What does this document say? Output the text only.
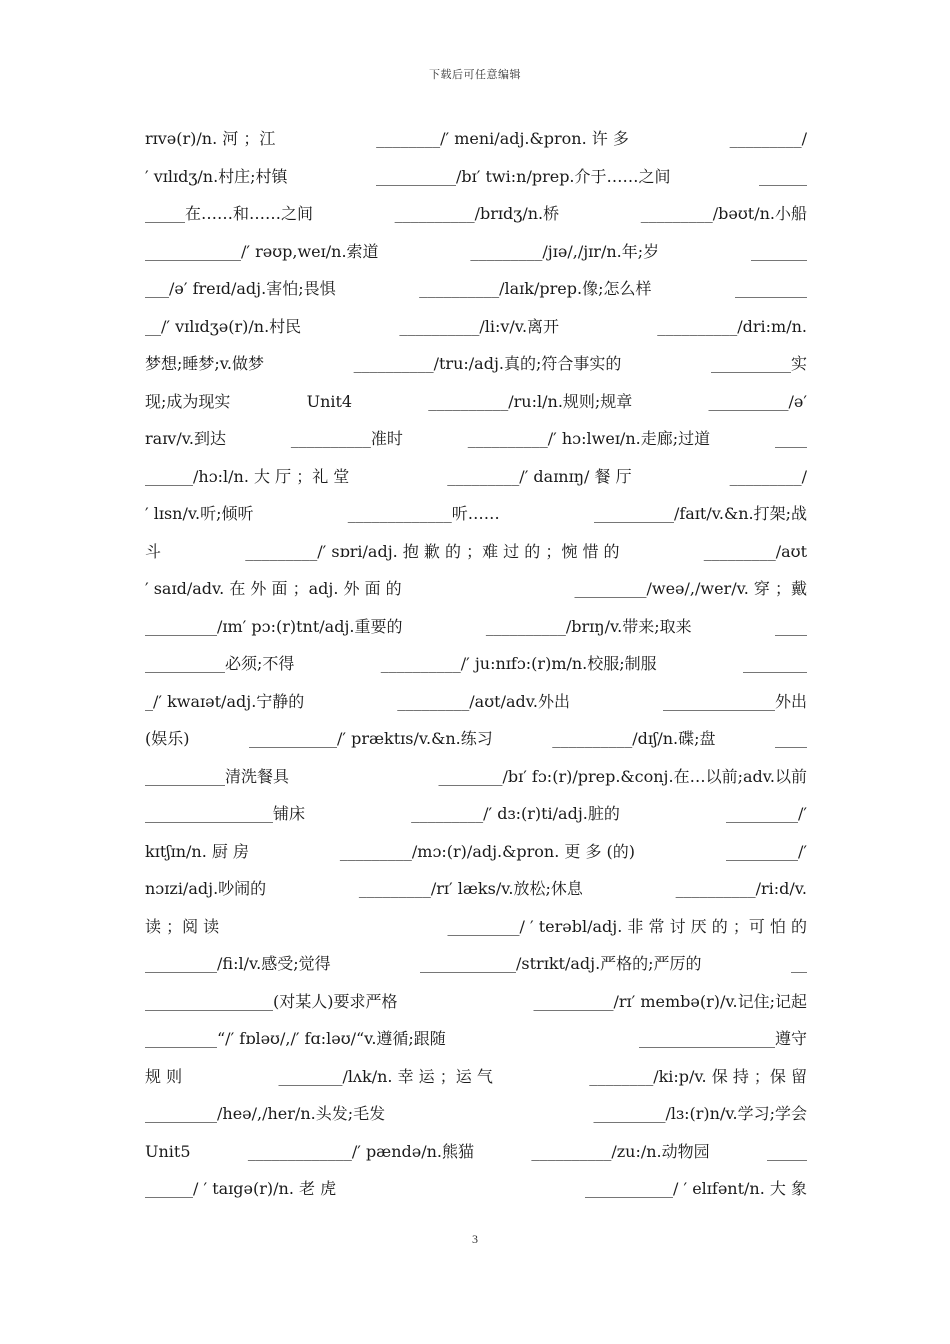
下载后可任意编辑
rɪvə(r)/n. 河 ；江	________/′ meni/adj.&pron. 许 多	_________/
′ vɪlɪdʒ/n.村庄;村镇	__________/bɪ′ twi:n/prep.介于……之间	______
_____在……和……之间	__________/brɪdʒ/n.桥	_________/bəʊt/n.小船
____________/′ rəʊp,weɪ/n.索道	_________/jɪə/,/jɪr/n.年;岁	_______
___/ə′ freɪd/adj.害怕;畏惧	__________/laɪk/prep.像;怎么样	_________
__/′ vɪlɪdʒə(r)/n.村民	__________/li:v/v.离开	__________/dri:m/n.
梦想;睡梦;v.做梦	__________/tru:/adj.真的;符合事实的	__________实
现;成为现实	Unit4	__________/ru:l/n.规则;规章	__________/ə′
raɪv/v.到达	__________准时	__________/′ hɔ:lweɪ/n.走廊;过道	____
______/hɔ:l/n. 大 厅 ；礼 堂	_________/′ daɪnɪŋ/ 餐 厅	_________/
′ lɪsn/v.听;倾听	_____________听……	__________/faɪt/v.&n.打架;战
斗	_________/′ sɒri/adj. 抱 歉 的 ；难 过 的 ；惋 惜 的	_________/aʊt
′ saɪd/adv. 在 外 面 ；adj. 外 面 的	_________/weə/,/wer/v. 穿 ；戴
_________/ɪm′ pɔ:(r)tnt/adj.重要的	__________/brɪŋ/v.带来;取来	____
__________必须;不得	__________/′ ju:nɪfɔ:(r)m/n.校服;制服	________
_/′ kwaɪət/adj.宁静的	_________/aʊt/adv.外出	______________外出
(娱乐)	___________/′ præktɪs/v.&n.练习	__________/dɪʃ/n.碟;盘	____
__________清洗餐具	________/bɪ′ fɔ:(r)/prep.&conj.在…以前;adv.以前
________________铺床	_________/′ dɜ:(r)ti/adj.脏的	_________/′
kɪtʃɪn/n. 厨 房	_________/mɔ:(r)/adj.&pron. 更 多 (的)	_________/′
nɔɪzi/adj.吵闹的	_________/rɪ′ læks/v.放松;休息	__________/ri:d/v.
读 ；阅 读	_________/ ′ terəbl/adj. 非 常 讨 厌 的 ；可 怕 的
_________/fi:l/v.感受;觉得	____________/strɪkt/adj.严格的;严厉的	__
________________(对某人)要求严格	__________/rɪ′ membə(r)/v.记住;记起
_________“/′ fɒləʊ/,/′ fɑ:ləʊ/“v.遵循;跟随	_________________遵守
规 则	________/lʌk/n. 幸 运 ；运 气	________/ki:p/v. 保 持 ；保 留
_________/heə/,/her/n.头发;毛发	_________/lɜ:(r)n/v.学习;学会
Unit5	_____________/′ pændə/n.熊猫	__________/zu:/n.动物园	_____
______/ ′ taɪgə(r)/n. 老 虎	___________/ ′ elɪfənt/n. 大 象
3
